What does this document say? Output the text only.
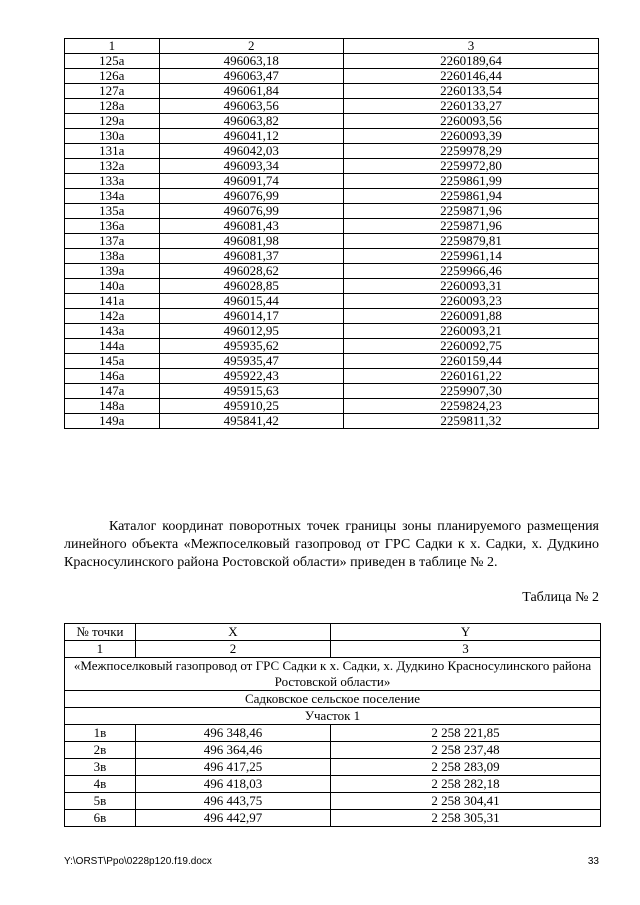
1	2	3
125а	496063,18	2260189,64
126а	496063,47	2260146,44
127а	496061,84	2260133,54
128а	496063,56	2260133,27
129а	496063,82	2260093,56
130а	496041,12	2260093,39
131а	496042,03	2259978,29
132а	496093,34	2259972,80
133а	496091,74	2259861,99
134а	496076,99	2259861,94
135а	496076,99	2259871,96
136а	496081,43	2259871,96
137а	496081,98	2259879,81
138а	496081,37	2259961,14
139а	496028,62	2259966,46
140а	496028,85	2260093,31
141а	496015,44	2260093,23
142а	496014,17	2260091,88
143а	496012,95	2260093,21
144а	495935,62	2260092,75
145а	495935,47	2260159,44
146а	495922,43	2260161,22
147а	495915,63	2259907,30
148а	495910,25	2259824,23
149а	495841,42	2259811,32

Каталог координат поворотных точек границы зоны планируемого размещения линейного объекта «Межпоселковый газопровод от ГРС Садки к х. Садки, х. Дудкино Красносулинского района Ростовской области» приведен в таблице № 2.

Таблица № 2
№ точки	X	Y
1	2	3
«Межпоселковый газопровод от ГРС Садки к х. Садки, х. Дудкино Красносулинского района Ростовской области»		
Садковское сельское поселение		
Участок 1		
1в	496 348,46	2 258 221,85
2в	496 364,46	2 258 237,48
3в	496 417,25	2 258 283,09
4в	496 418,03	2 258 282,18
5в	496 443,75	2 258 304,41
6в	496 442,97	2 258 305,31
Y:\ORST\Ppo\0228p120.f19.docx	33
